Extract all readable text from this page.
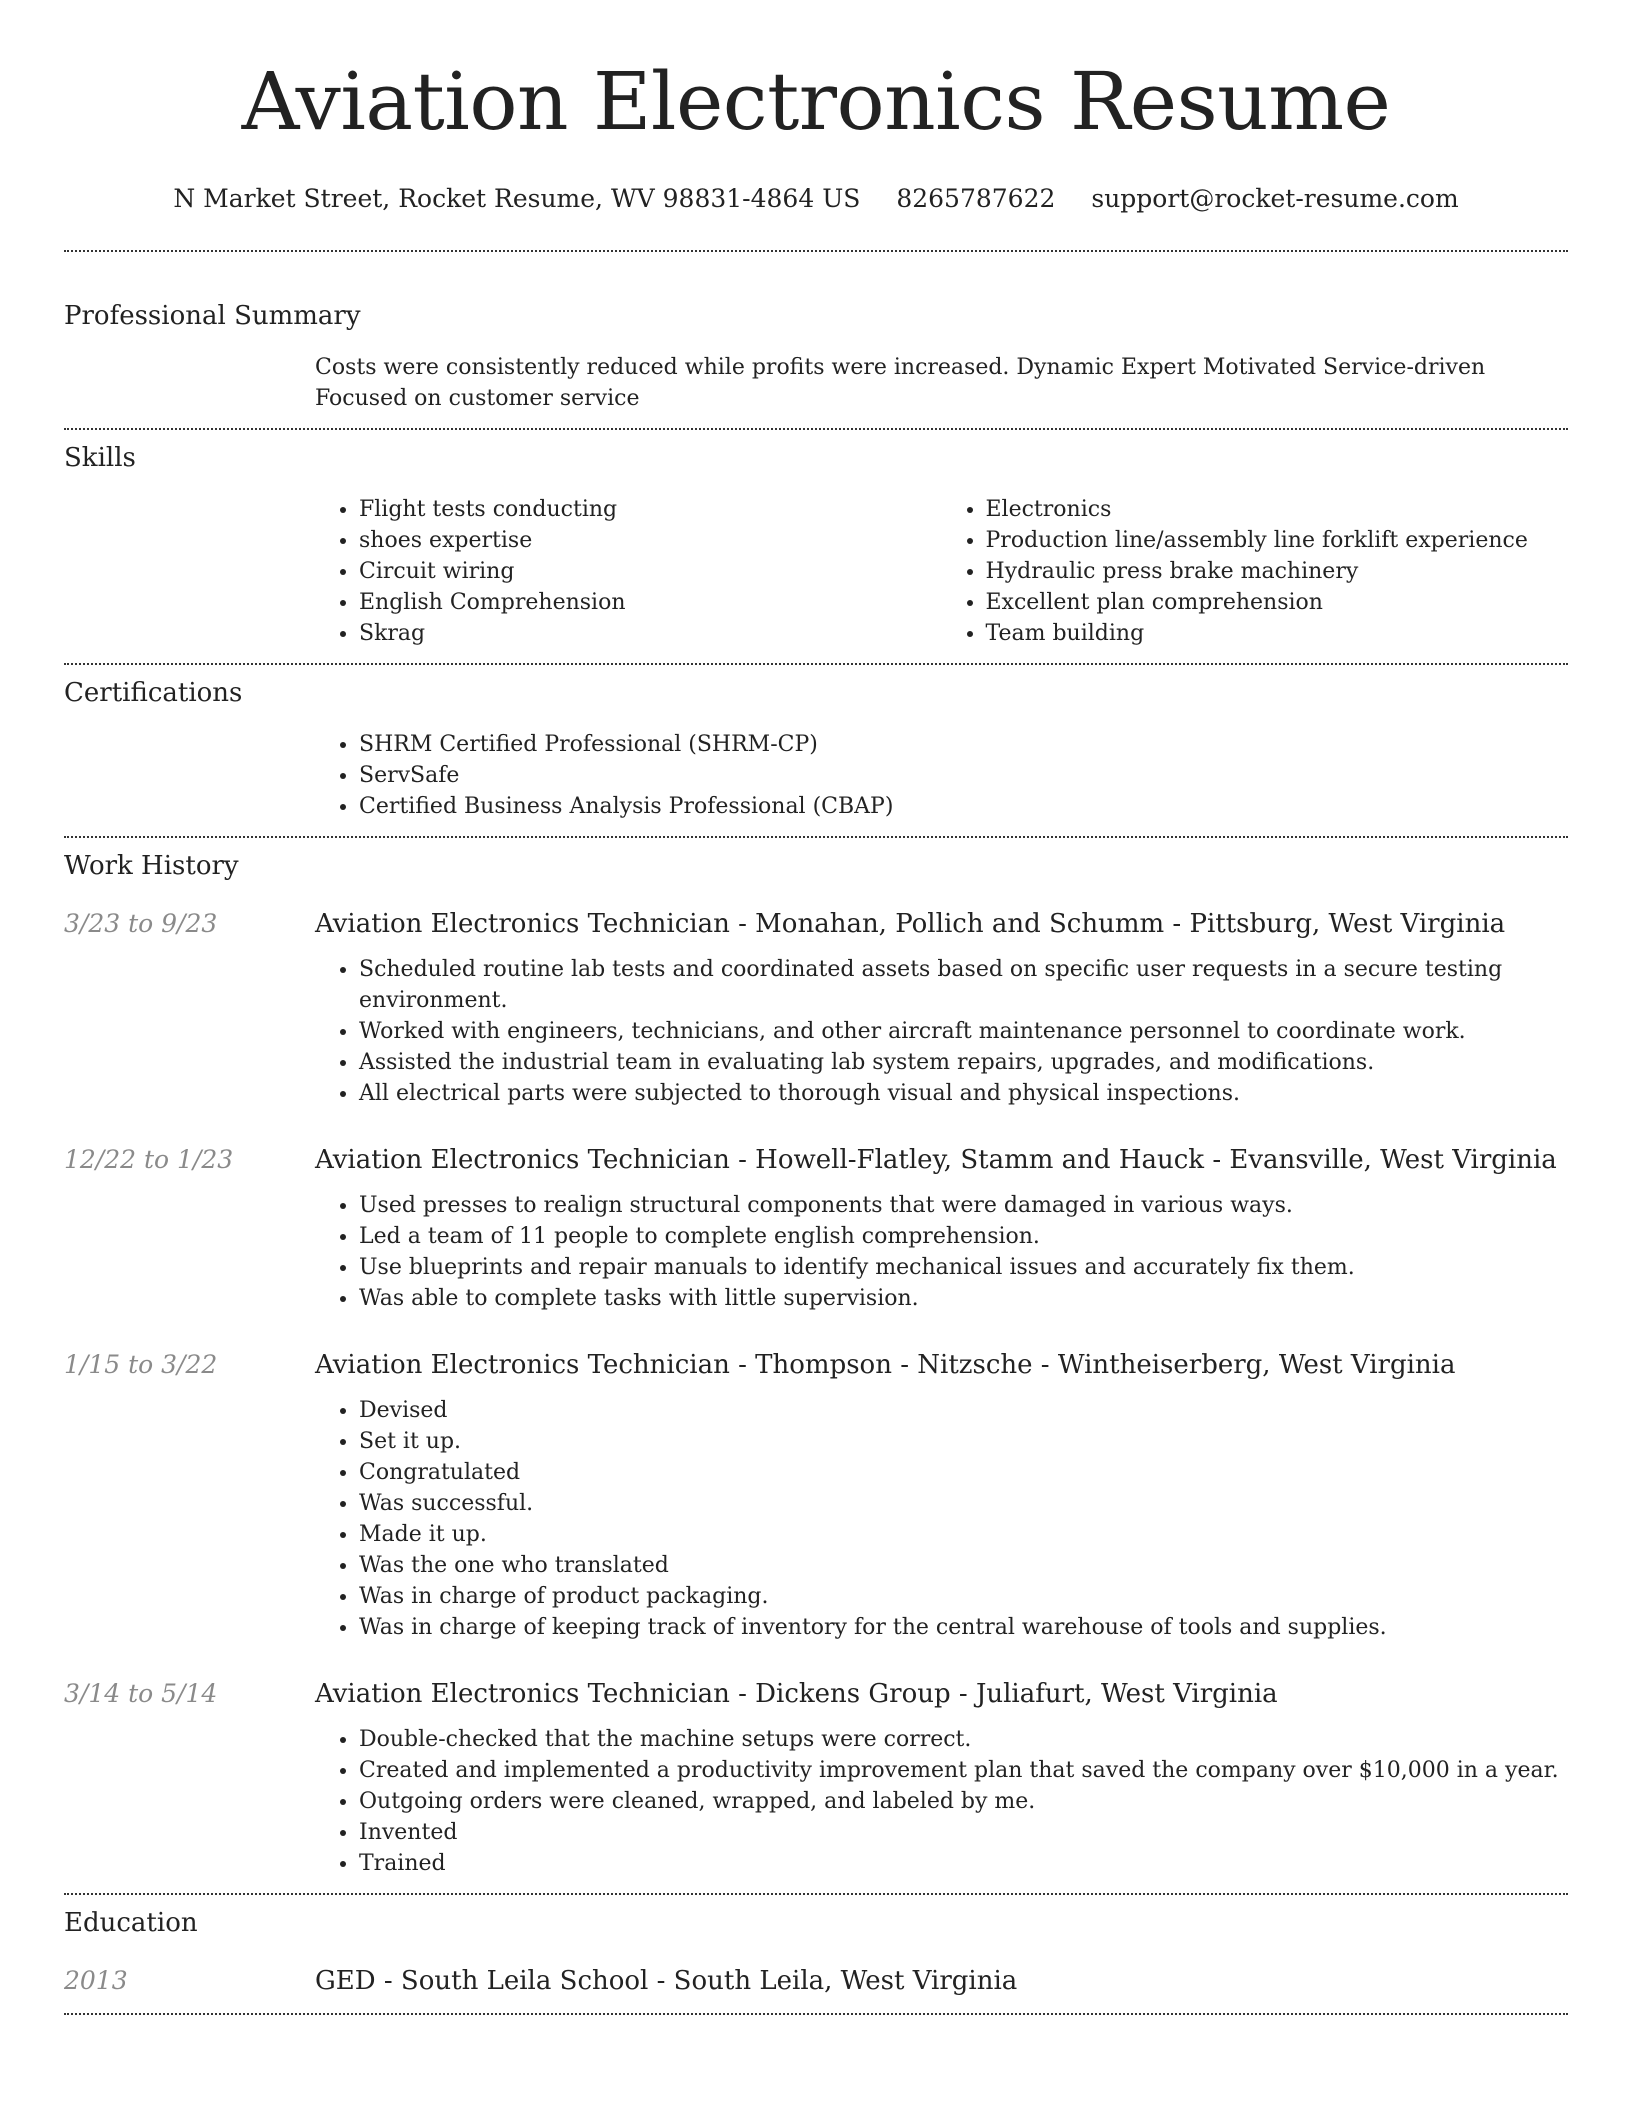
Aviation Electronics Resume
N Market Street, Rocket Resume, WV 98831-4864 US 8265787622 support@rocket-resume.com
Professional Summary

Costs were consistently reduced while profits were increased. Dynamic Expert Motivated Service-driven Focused on customer service

Skills
• Flight tests conducting
• shoes expertise
• Circuit wiring
• English Comprehension
• Skrag
• Electronics
• Production line/assembly line forklift experience
• Hydraulic press brake machinery
• Excellent plan comprehension
• Team building
Certifications
• SHRM Certified Professional (SHRM-CP)
• ServSafe
• Certified Business Analysis Professional (CBAP)
Work History
3/23 to 9/23	Aviation Electronics Technician - Monahan, Pollich and Schumm - Pittsburg, West Virginia
• Scheduled routine lab tests and coordinated assets based on specific user requests in a secure testing environment.
• Worked with engineers, technicians, and other aircraft maintenance personnel to coordinate work.
• Assisted the industrial team in evaluating lab system repairs, upgrades, and modifications.
• All electrical parts were subjected to thorough visual and physical inspections.
12/22 to 1/23	Aviation Electronics Technician - Howell-Flatley, Stamm and Hauck - Evansville, West Virginia
• Used presses to realign structural components that were damaged in various ways.
• Led a team of 11 people to complete english comprehension.
• Use blueprints and repair manuals to identify mechanical issues and accurately fix them.
• Was able to complete tasks with little supervision.
1/15 to 3/22	Aviation Electronics Technician - Thompson - Nitzsche - Wintheiserberg, West Virginia
• Devised
• Set it up.
• Congratulated
• Was successful.
• Made it up.
• Was the one who translated
• Was in charge of product packaging.
• Was in charge of keeping track of inventory for the central warehouse of tools and supplies.
3/14 to 5/14	Aviation Electronics Technician - Dickens Group - Juliafurt, West Virginia
• Double-checked that the machine setups were correct.
• Created and implemented a productivity improvement plan that saved the company over $10,000 in a year.
• Outgoing orders were cleaned, wrapped, and labeled by me.
• Invented
• Trained
Education
2013	GED - South Leila School - South Leila, West Virginia
